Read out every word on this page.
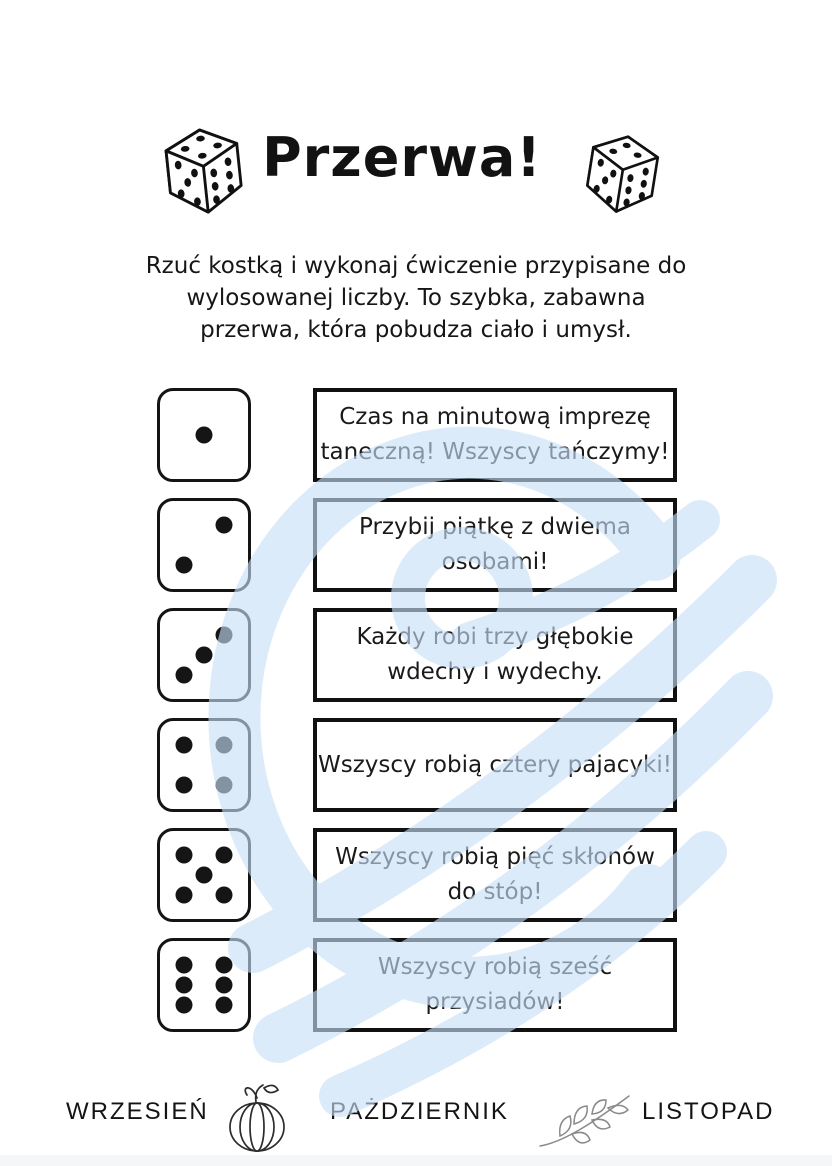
Przerwa!
Rzuć kostką i wykonaj ćwiczenie przypisane do
wylosowanej liczby. To szybka, zabawna
przerwa, która pobudza ciało i umysł.
Czas na minutową imprezę
taneczną! Wszyscy tańczymy!
Przybij piątkę z dwiema
osobami!
Każdy robi trzy głębokie
wdechy i wydechy.
Wszyscy robią cztery pajacyki!
Wszyscy robią pięć skłonów
do stóp!
Wszyscy robią sześć
przysiadów!
WRZESIEŃ	PAŻDZIERNIK	LISTOPAD
